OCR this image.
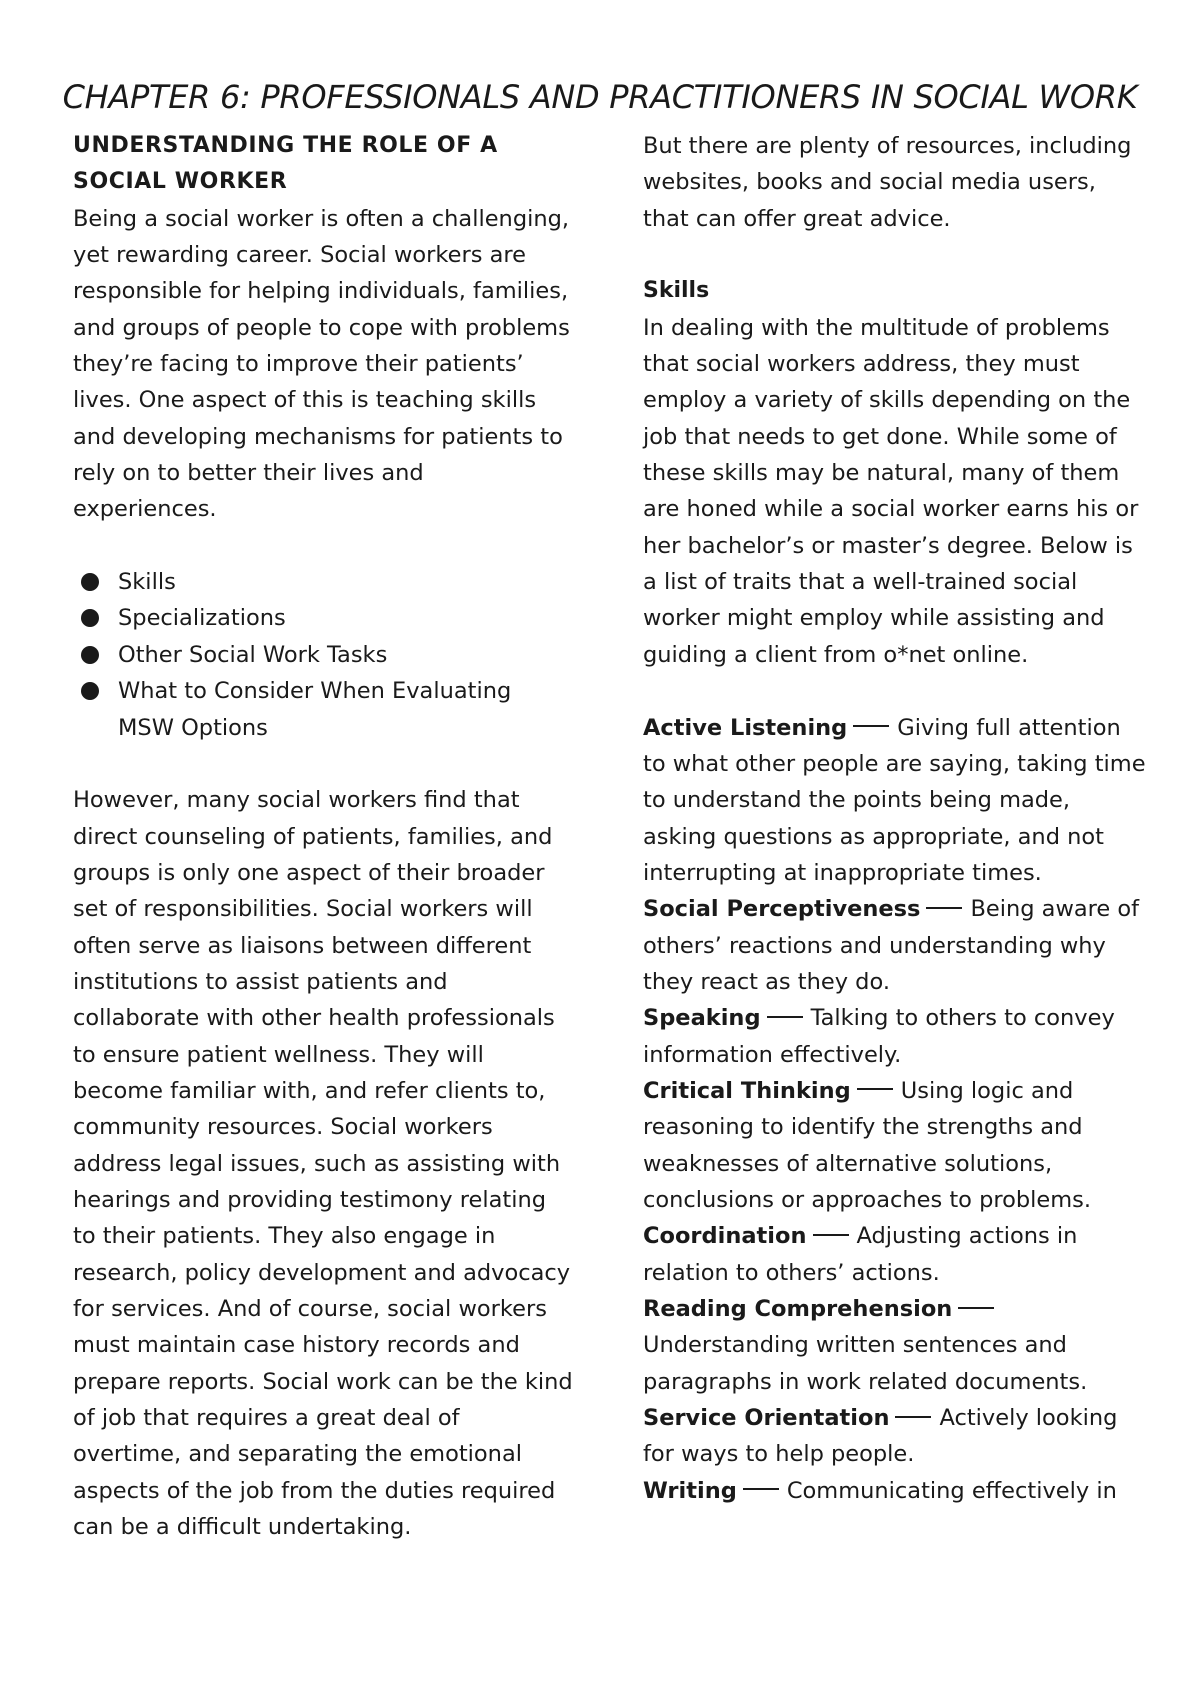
CHAPTER 6: PROFESSIONALS AND PRACTITIONERS IN SOCIAL WORK
UNDERSTANDING THE ROLE OF A SOCIAL WORKER

Being a social worker is often a challenging, yet rewarding career. Social workers are responsible for helping individuals, families, and groups of people to cope with problems they’re facing to improve their patients’ lives. One aspect of this is teaching skills and developing mechanisms for patients to rely on to better their lives and experiences.

Skills
Specializations
Other Social Work Tasks
What to Consider When Evaluating MSW Options

However, many social workers find that direct counseling of patients, families, and groups is only one aspect of their broader set of responsibilities. Social workers will often serve as liaisons between different institutions to assist patients and collaborate with other health professionals to ensure patient wellness. They will become familiar with, and refer clients to, community resources. Social workers address legal issues, such as assisting with hearings and providing testimony relating to their patients. They also engage in research, policy development and advocacy for services. And of course, social workers must maintain case history records and prepare reports. Social work can be the kind of job that requires a great deal of overtime, and separating the emotional aspects of the job from the duties required can be a difficult undertaking.

But there are plenty of resources, including websites, books and social media users, that can offer great advice.

Skills

In dealing with the multitude of problems that social workers address, they must employ a variety of skills depending on the job that needs to get done. While some of these skills may be natural, many of them are honed while a social worker earns his or her bachelor’s or master’s degree. Below is a list of traits that a well-trained social worker might employ while assisting and guiding a client from o*net online.

Active Listening Giving full attention to what other people are saying, taking time to understand the points being made, asking questions as appropriate, and not interrupting at inappropriate times.

Social Perceptiveness Being aware of others’ reactions and understanding why they react as they do.

Speaking Talking to others to convey information effectively.

Critical Thinking Using logic and reasoning to identify the strengths and weaknesses of alternative solutions, conclusions or approaches to problems.

Coordination Adjusting actions in relation to others’ actions.

Reading ComprehensionUnderstanding written sentences and paragraphs in work related documents.

Service Orientation Actively looking for ways to help people.

Writing Communicating effectively in
